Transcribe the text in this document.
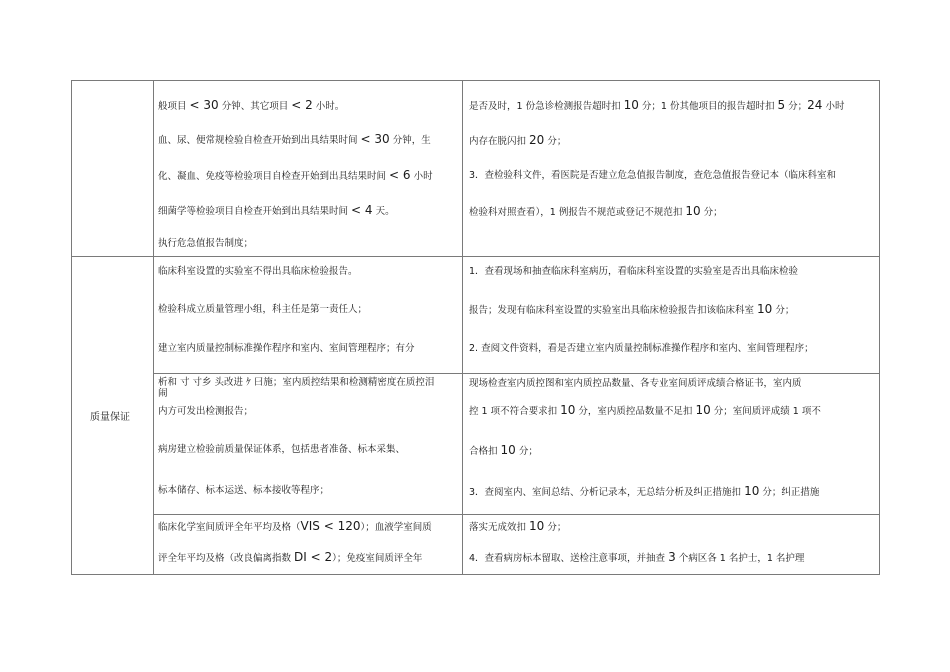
质量保证
般项目 < 30 分钟、其它项目 < 2 小时。
血、尿、便常规检验自检查开始到出具结果时间 < 30 分钟，生
化、凝血、免疫等检验项目自检查开始到出具结果时间 < 6 小时
细菌学等检验项目自检查开始到出具结果时间 < 4 天。
执行危急值报告制度；
是否及时，1 份急诊检测报告超时扣 10 分；1 份其他项目的报告超时扣 5 分；24 小时
内存在脱闪扣 20 分；
3．查检验科文件，看医院是否建立危急值报告制度，查危急值报告登记本（临床科室和
检验科对照查看），1 例报告不规范或登记不规范扣 10 分；
临床科室设置的实验室不得出具临床检验报告。
检验科成立质量管理小组，科主任是第一责任人；
建立室内质量控制标准操作程序和室内、室间管理程序；有分
1．查看现场和抽查临床科室病历，看临床科室设置的实验室是否出具临床检验
报告；发现有临床科室设置的实验室出具临床检验报告扣该临床科室 10 分；
2. 查阅文件资料，看是否建立室内质量控制标准操作程序和室内、室间管理程序；
析和 寸 寸乡 头改进 ｹ 曰施；室内质控结果和检测精密度在质控泪
闹
内方可发出检测报告；
病房建立检验前质量保证体系，包括患者准备、标本采集、
标本储存、标本运送、标本接收等程序；
现场检查室内质控图和室内质控品数量、各专业室间质评成绩合格证书，室内质
控 1 项不符合要求扣 10 分，室内质控品数量不足扣 10 分；室间质评成绩 1 项不
合格扣 10 分；
3．查阅室内、室间总结、分析记录本，无总结分析及纠正措施扣 10 分；纠正措施
临床化学室间质评全年平均及格（VIS < 120）；血液学室间质
评全年平均及格（改良偏离指数 DI < 2）；免疫室间质评全年
落实无成效扣 10 分；
4．查看病房标本留取、送检注意事项，并抽查 3 个病区各 1 名护士，1 名护理
